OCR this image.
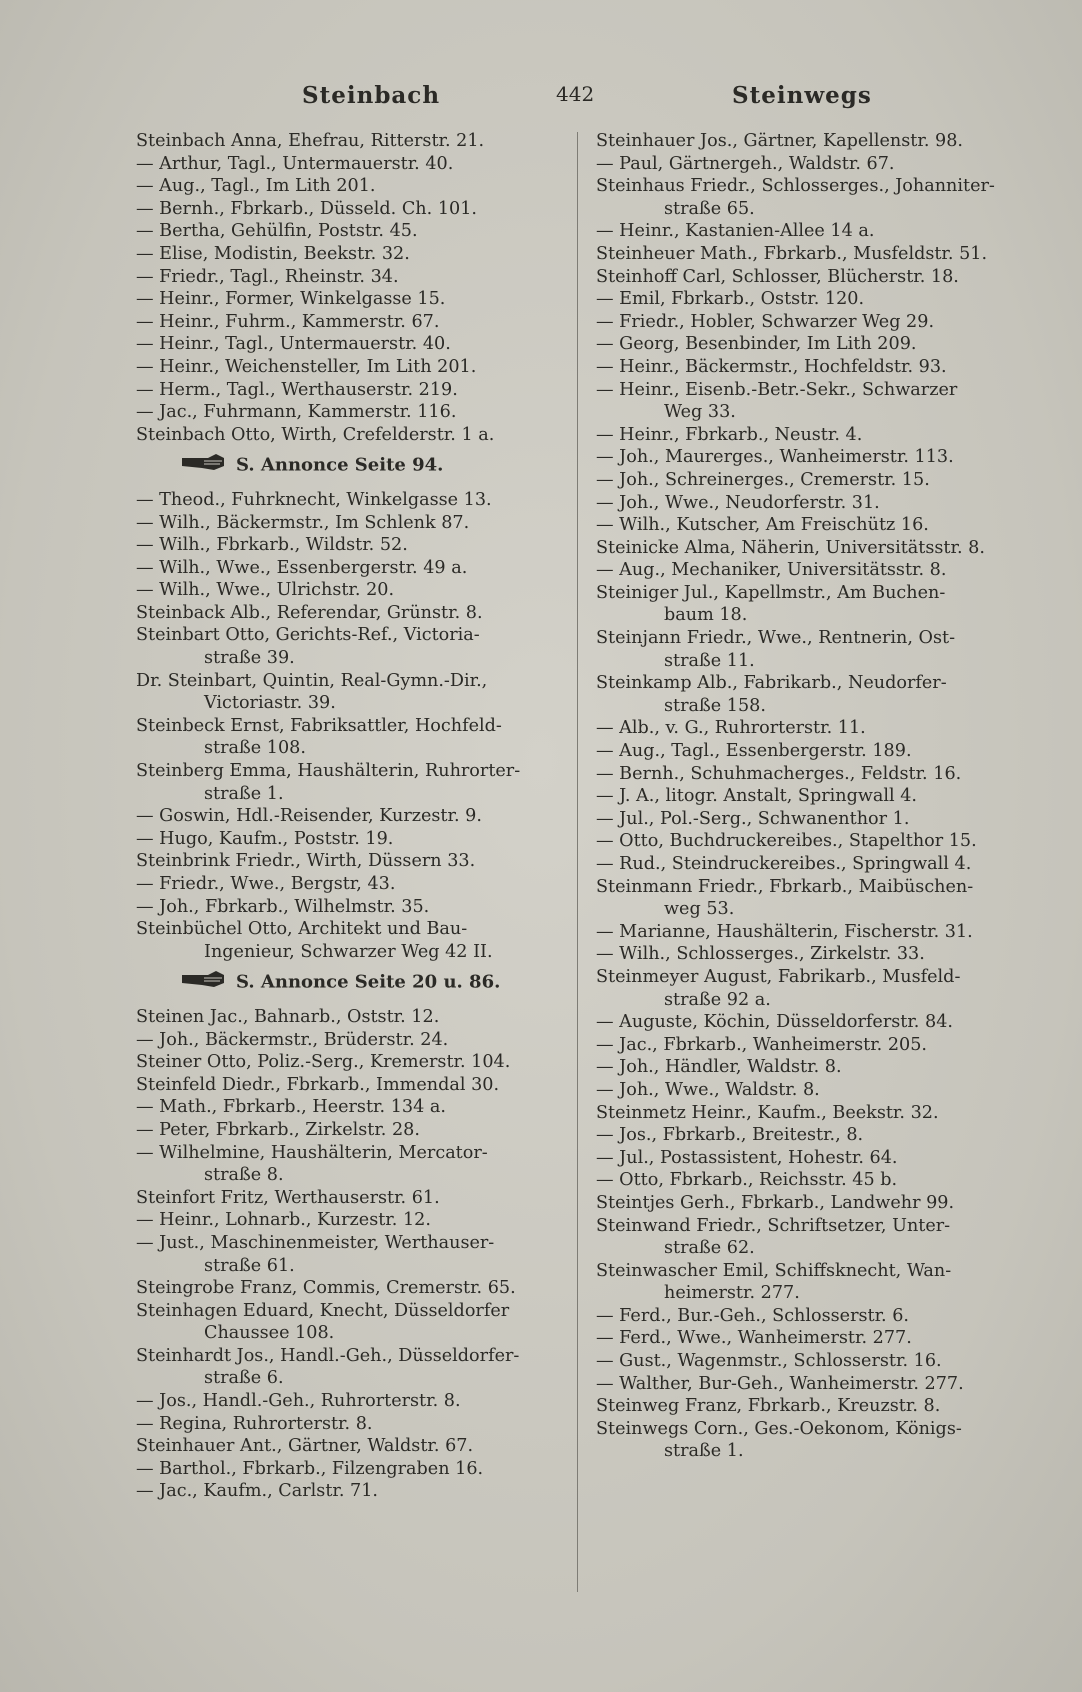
Steinbach	442	Steinwegs
Steinbach Anna, Ehefrau, Ritterstr. 21.
— Arthur, Tagl., Untermauerstr. 40.
— Aug., Tagl., Im Lith 201.
— Bernh., Fbrkarb., Düsseld. Ch. 101.
— Bertha, Gehülfin, Poststr. 45.
— Elise, Modistin, Beekstr. 32.
— Friedr., Tagl., Rheinstr. 34.
— Heinr., Former, Winkelgasse 15.
— Heinr., Fuhrm., Kammerstr. 67.
— Heinr., Tagl., Untermauerstr. 40.
— Heinr., Weichensteller, Im Lith 201.
— Herm., Tagl., Werthauserstr. 219.
— Jac., Fuhrmann, Kammerstr. 116.
Steinbach Otto, Wirth, Crefelderstr. 1 a.
S. Annonce Seite 94.
— Theod., Fuhrknecht, Winkelgasse 13.
— Wilh., Bäckermstr., Im Schlenk 87.
— Wilh., Fbrkarb., Wildstr. 52.
— Wilh., Wwe., Essenbergerstr. 49 a.
— Wilh., Wwe., Ulrichstr. 20.
Steinback Alb., Referendar, Grünstr. 8.
Steinbart Otto, Gerichts-Ref., Victoria-
straße 39.
Dr. Steinbart, Quintin, Real-Gymn.-Dir.,
Victoriastr. 39.
Steinbeck Ernst, Fabriksattler, Hochfeld-
straße 108.
Steinberg Emma, Haushälterin, Ruhrorter-
straße 1.
— Goswin, Hdl.-Reisender, Kurzestr. 9.
— Hugo, Kaufm., Poststr. 19.
Steinbrink Friedr., Wirth, Düssern 33.
— Friedr., Wwe., Bergstr, 43.
— Joh., Fbrkarb., Wilhelmstr. 35.
Steinbüchel Otto, Architekt und Bau-
Ingenieur, Schwarzer Weg 42 II.
S. Annonce Seite 20 u. 86.
Steinen Jac., Bahnarb., Oststr. 12.
— Joh., Bäckermstr., Brüderstr. 24.
Steiner Otto, Poliz.-Serg., Kremerstr. 104.
Steinfeld Diedr., Fbrkarb., Immendal 30.
— Math., Fbrkarb., Heerstr. 134 a.
— Peter, Fbrkarb., Zirkelstr. 28.
— Wilhelmine, Haushälterin, Mercator-
straße 8.
Steinfort Fritz, Werthauserstr. 61.
— Heinr., Lohnarb., Kurzestr. 12.
— Just., Maschinenmeister, Werthauser-
straße 61.
Steingrobe Franz, Commis, Cremerstr. 65.
Steinhagen Eduard, Knecht, Düsseldorfer
Chaussee 108.
Steinhardt Jos., Handl.-Geh., Düsseldorfer-
straße 6.
— Jos., Handl.-Geh., Ruhrorterstr. 8.
— Regina, Ruhrorterstr. 8.
Steinhauer Ant., Gärtner, Waldstr. 67.
— Barthol., Fbrkarb., Filzengraben 16.
— Jac., Kaufm., Carlstr. 71.
Steinhauer Jos., Gärtner, Kapellenstr. 98.
— Paul, Gärtnergeh., Waldstr. 67.
Steinhaus Friedr., Schlosserges., Johanniter-
straße 65.
— Heinr., Kastanien-Allee 14 a.
Steinheuer Math., Fbrkarb., Musfeldstr. 51.
Steinhoff Carl, Schlosser, Blücherstr. 18.
— Emil, Fbrkarb., Oststr. 120.
— Friedr., Hobler, Schwarzer Weg 29.
— Georg, Besenbinder, Im Lith 209.
— Heinr., Bäckermstr., Hochfeldstr. 93.
— Heinr., Eisenb.-Betr.-Sekr., Schwarzer
Weg 33.
— Heinr., Fbrkarb., Neustr. 4.
— Joh., Maurerges., Wanheimerstr. 113.
— Joh., Schreinerges., Cremerstr. 15.
— Joh., Wwe., Neudorferstr. 31.
— Wilh., Kutscher, Am Freischütz 16.
Steinicke Alma, Näherin, Universitätsstr. 8.
— Aug., Mechaniker, Universitätsstr. 8.
Steiniger Jul., Kapellmstr., Am Buchen-
baum 18.
Steinjann Friedr., Wwe., Rentnerin, Ost-
straße 11.
Steinkamp Alb., Fabrikarb., Neudorfer-
straße 158.
— Alb., v. G., Ruhrorterstr. 11.
— Aug., Tagl., Essenbergerstr. 189.
— Bernh., Schuhmacherges., Feldstr. 16.
— J. A., litogr. Anstalt, Springwall 4.
— Jul., Pol.-Serg., Schwanenthor 1.
— Otto, Buchdruckereibes., Stapelthor 15.
— Rud., Steindruckereibes., Springwall 4.
Steinmann Friedr., Fbrkarb., Maibüschen-
weg 53.
— Marianne, Haushälterin, Fischerstr. 31.
— Wilh., Schlosserges., Zirkelstr. 33.
Steinmeyer August, Fabrikarb., Musfeld-
straße 92 a.
— Auguste, Köchin, Düsseldorferstr. 84.
— Jac., Fbrkarb., Wanheimerstr. 205.
— Joh., Händler, Waldstr. 8.
— Joh., Wwe., Waldstr. 8.
Steinmetz Heinr., Kaufm., Beekstr. 32.
— Jos., Fbrkarb., Breitestr., 8.
— Jul., Postassistent, Hohestr. 64.
— Otto, Fbrkarb., Reichsstr. 45 b.
Steintjes Gerh., Fbrkarb., Landwehr 99.
Steinwand Friedr., Schriftsetzer, Unter-
straße 62.
Steinwascher Emil, Schiffsknecht, Wan-
heimerstr. 277.
— Ferd., Bur.-Geh., Schlosserstr. 6.
— Ferd., Wwe., Wanheimerstr. 277.
— Gust., Wagenmstr., Schlosserstr. 16.
— Walther, Bur-Geh., Wanheimerstr. 277.
Steinweg Franz, Fbrkarb., Kreuzstr. 8.
Steinwegs Corn., Ges.-Oekonom, Königs-
straße 1.
